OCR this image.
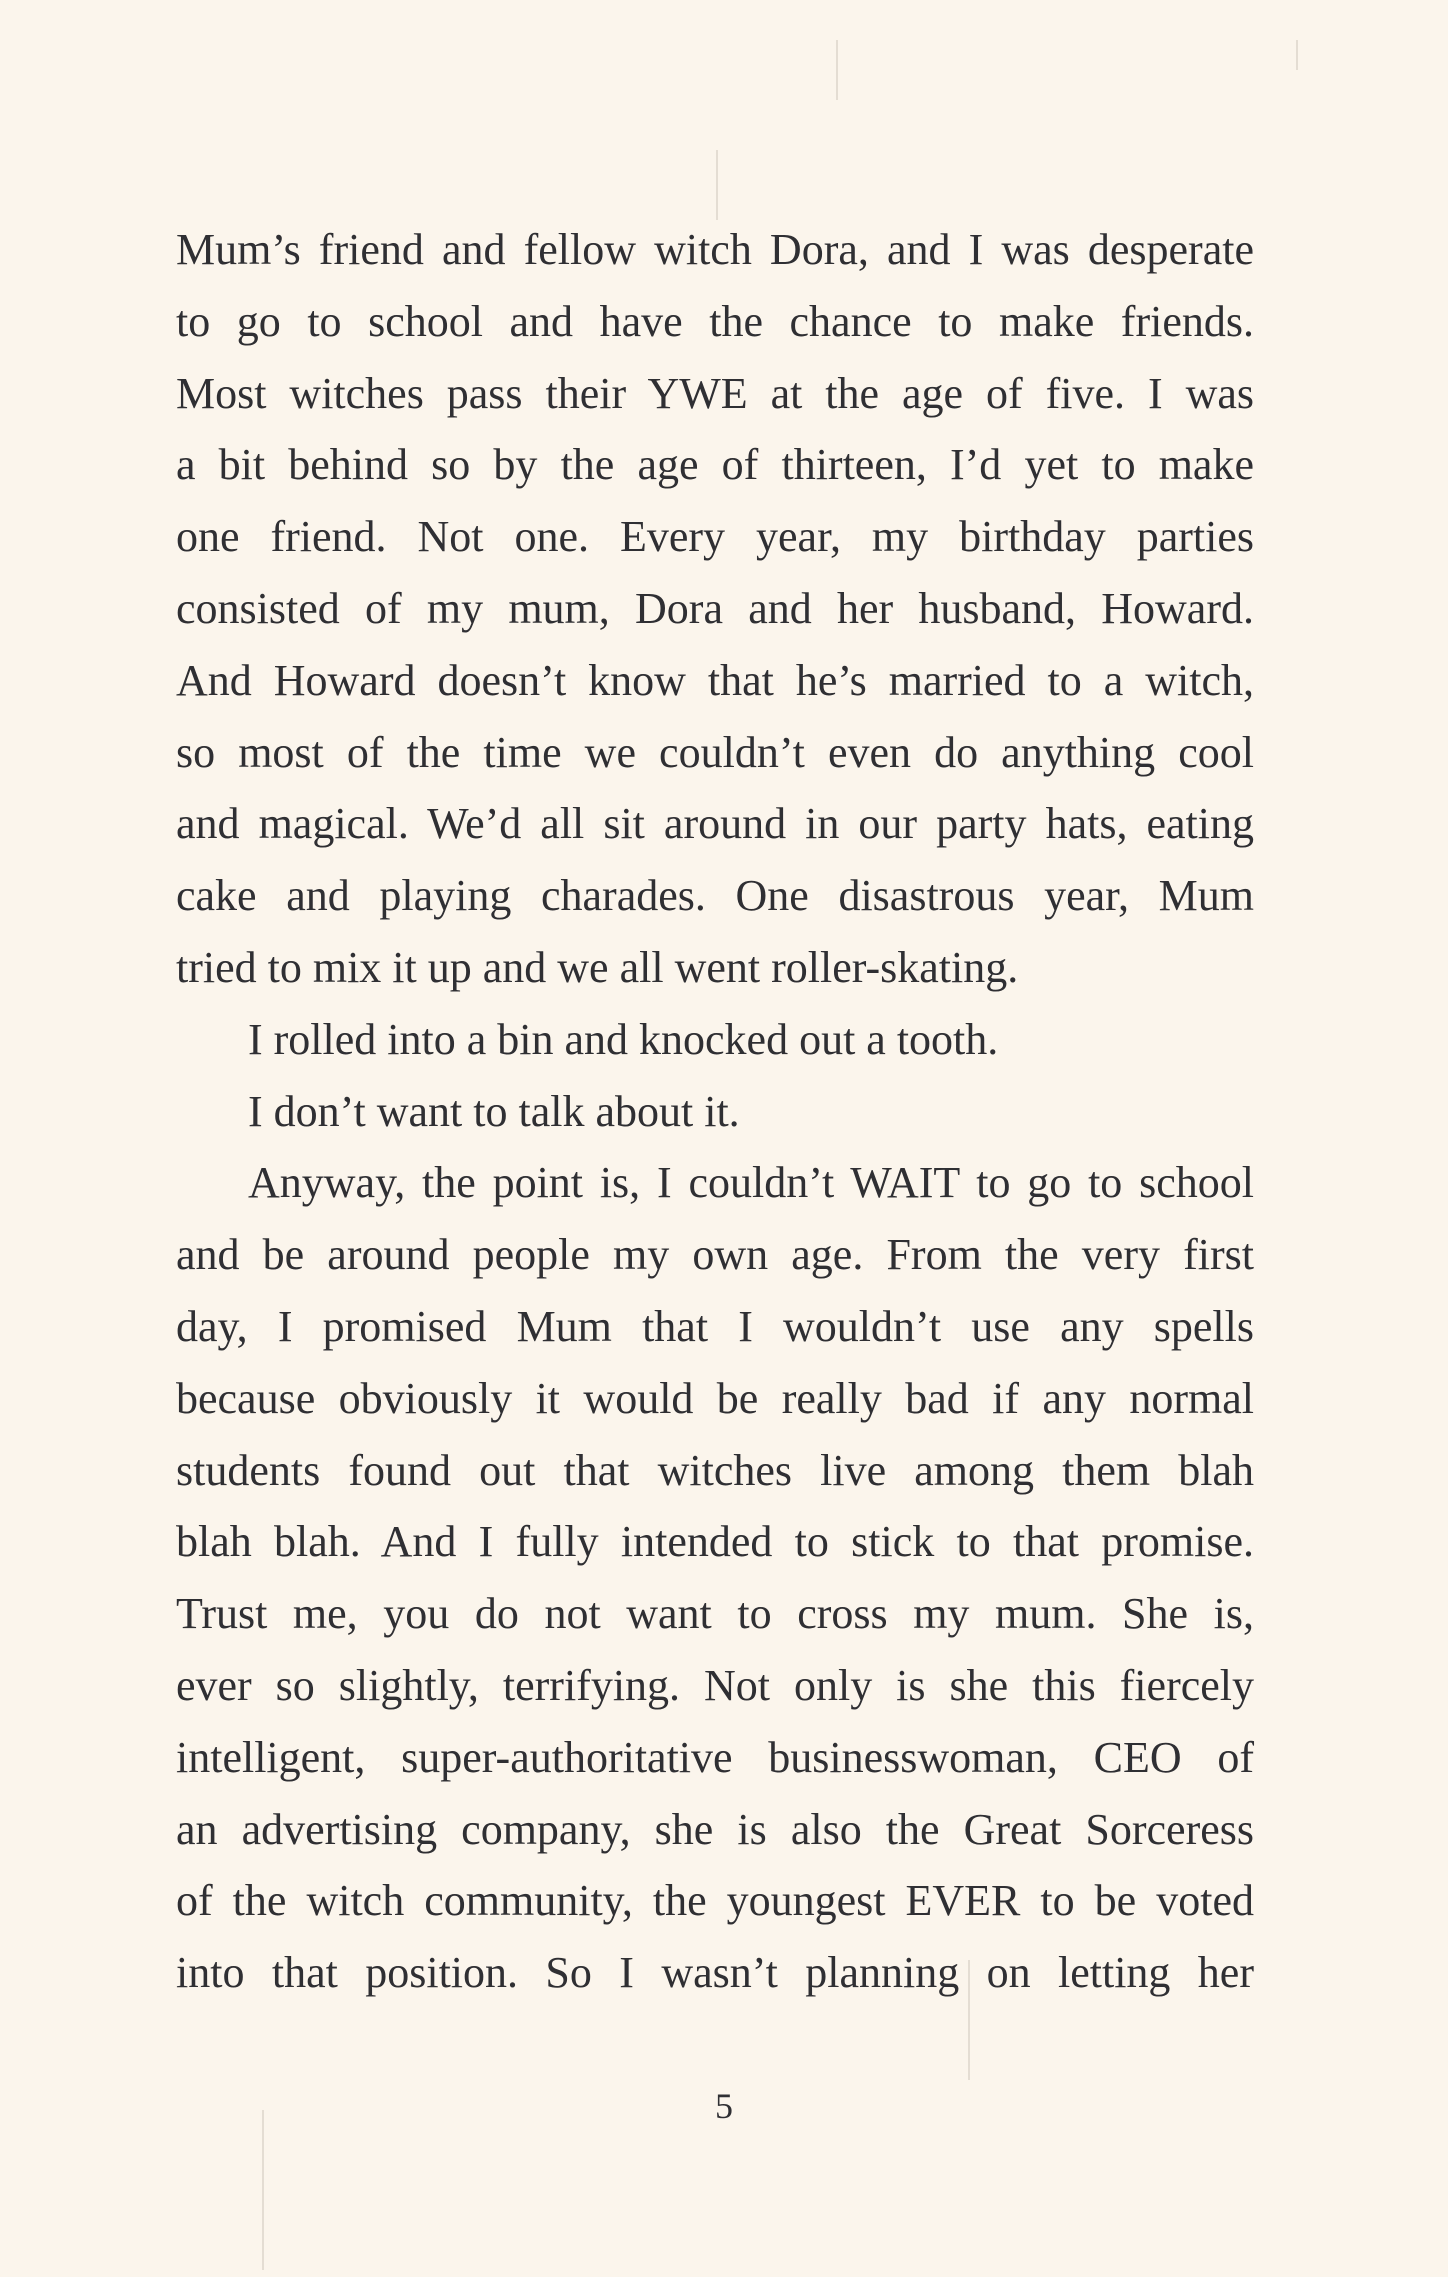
Mum’s friend and fellow witch Dora, and I was desperate
to go to school and have the chance to make friends.
Most witches pass their YWE at the age of five. I was
a bit behind so by the age of thirteen, I’d yet to make
one friend. Not one. Every year, my birthday parties
consisted of my mum, Dora and her husband, Howard.
And Howard doesn’t know that he’s married to a witch,
so most of the time we couldn’t even do anything cool
and magical. We’d all sit around in our party hats, eating
cake and playing charades. One disastrous year, Mum
tried to mix it up and we all went roller-skating.
I rolled into a bin and knocked out a tooth.
I don’t want to talk about it.
Anyway, the point is, I couldn’t WAIT to go to school
and be around people my own age. From the very first
day, I promised Mum that I wouldn’t use any spells
because obviously it would be really bad if any normal
students found out that witches live among them blah
blah blah. And I fully intended to stick to that promise.
Trust me, you do not want to cross my mum. She is,
ever so slightly, terrifying. Not only is she this fiercely
intelligent, super-authoritative businesswoman, CEO of
an advertising company, she is also the Great Sorceress
of the witch community, the youngest EVER to be voted
into that position. So I wasn’t planning on letting her
5
